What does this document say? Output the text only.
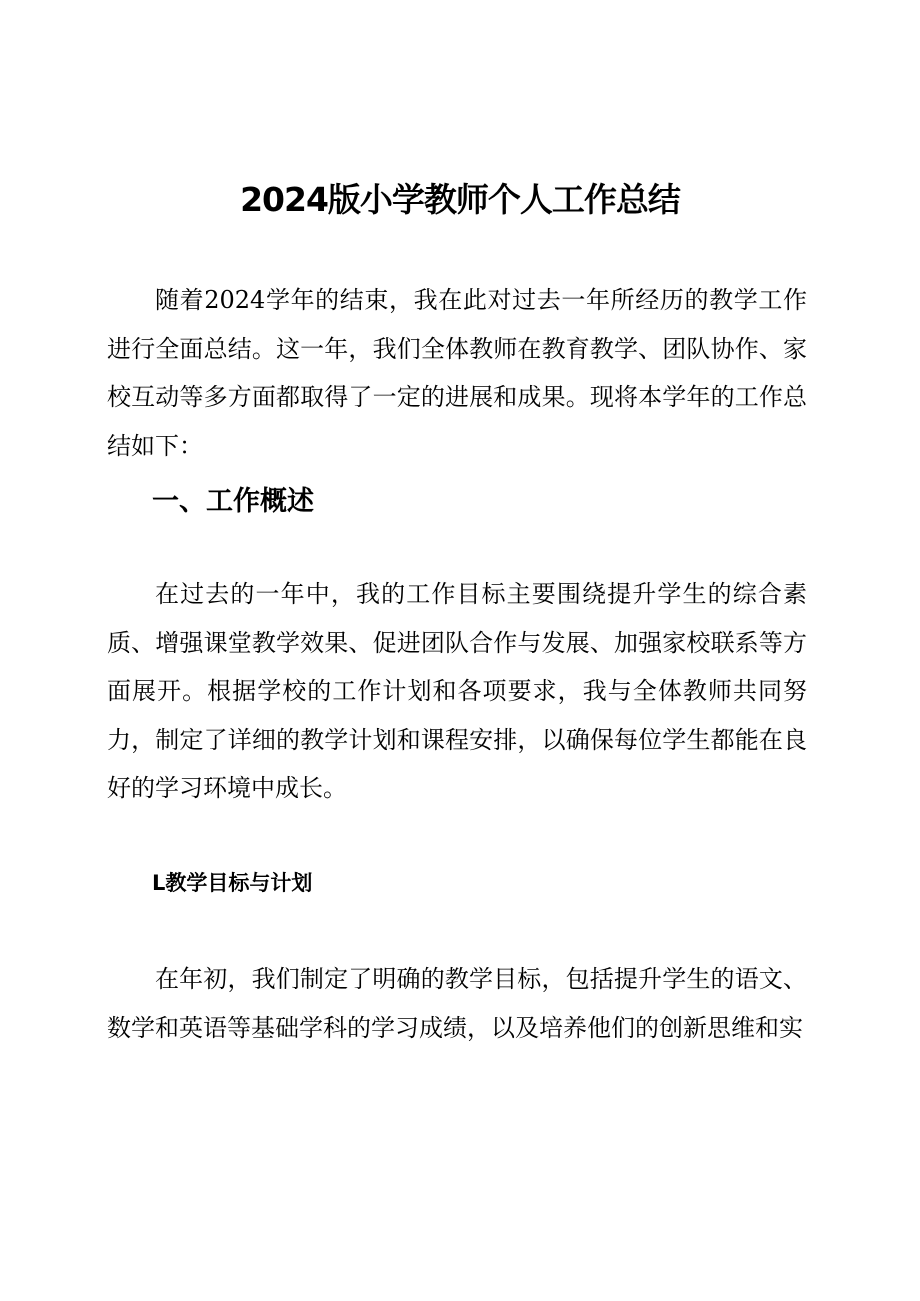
2024版小学教师个人工作总结
随着2024学年的结束，我在此对过去一年所经历的教学工作进行全面总结。这一年，我们全体教师在教育教学、团队协作、家校互动等多方面都取得了一定的进展和成果。现将本学年的工作总结如下：
一、工作概述
在过去的一年中，我的工作目标主要围绕提升学生的综合素质、增强课堂教学效果、促进团队合作与发展、加强家校联系等方面展开。根据学校的工作计划和各项要求，我与全体教师共同努力，制定了详细的教学计划和课程安排，以确保每位学生都能在良好的学习环境中成长。
L教学目标与计划
在年初，我们制定了明确的教学目标，包括提升学生的语文、数学和英语等基础学科的学习成绩，以及培养他们的创新思维和实
